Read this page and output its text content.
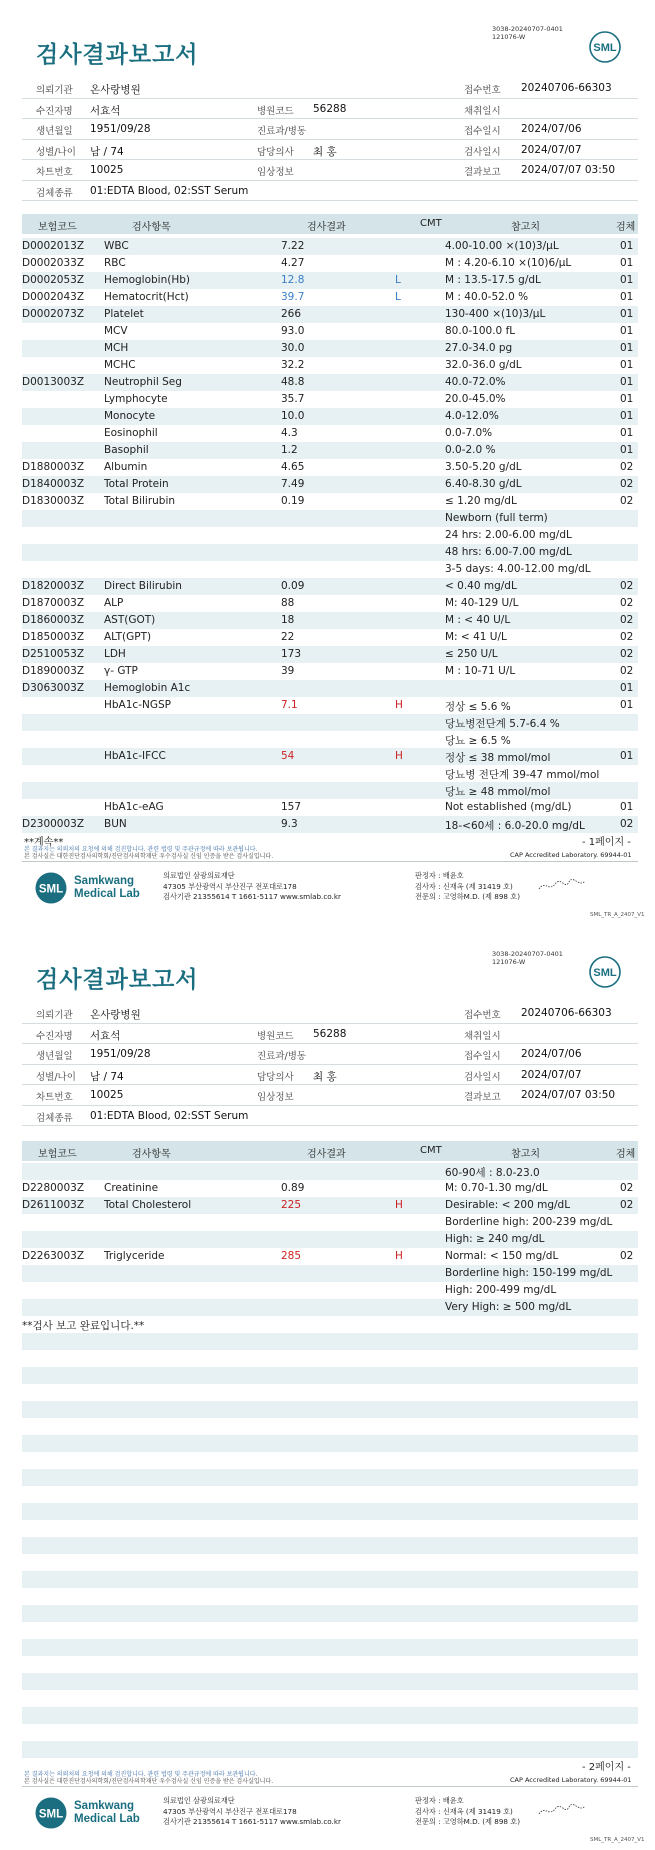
3038-20240707-0401
121076-W
검사결과보고서	SML
의뢰기관 온사랑병원	접수번호 20240706-66303
수진자명 서효석	병원코드 56288	채취일시
생년월일 1951/09/28	진료과/병동	접수일시 2024/07/06
성별/나이 남 / 74	담당의사 최 홍	검사일시 2024/07/07
차트번호 10025	임상정보	결과보고 2024/07/07 03:50
검체종류 01:EDTA Blood, 02:SST Serum
보험코드	검사항목	검사결과	CMT	참고치	검체
D0002013Z WBC	7.22	4.00-10.00 ×(10)3/μL	01
D0002033Z RBC	4.27	M : 4.20-6.10 ×(10)6/μL	01
D0002053Z Hemoglobin(Hb)	12.8	L	M : 13.5-17.5 g/dL	01
D0002043Z Hematocrit(Hct)	39.7	L	M : 40.0-52.0 %	01
D0002073Z Platelet	266	130-400 ×(10)3/μL	01
MCV	93.0	80.0-100.0 fL	01
MCH	30.0	27.0-34.0 pg	01
MCHC	32.2	32.0-36.0 g/dL	01
D0013003Z Neutrophil Seg	48.8	40.0-72.0%	01
Lymphocyte	35.7	20.0-45.0%	01
Monocyte	10.0	4.0-12.0%	01
Eosinophil	4.3	0.0-7.0%	01
Basophil	1.2	0.0-2.0 %	01
D1880003Z Albumin	4.65	3.50-5.20 g/dL	02
D1840003Z Total Protein	7.49	6.40-8.30 g/dL	02
D1830003Z Total Bilirubin	0.19	≤ 1.20 mg/dL	02
Newborn (full term)
24 hrs: 2.00-6.00 mg/dL
48 hrs: 6.00-7.00 mg/dL
3-5 days: 4.00-12.00 mg/dL
D1820003Z Direct Bilirubin	0.09	< 0.40 mg/dL	02
D1870003Z ALP	88	M: 40-129 U/L	02
D1860003Z AST(GOT)	18	M : < 40 U/L	02
D1850003Z ALT(GPT)	22	M: < 41 U/L	02
D2510053Z LDH	173	≤ 250 U/L	02
D1890003Z γ- GTP	39	M : 10-71 U/L	02
D3063003Z Hemoglobin A1c	01
HbA1c-NGSP	7.1	H	정상 ≤ 5.6 %	01
당뇨병전단계 5.7-6.4 %
당뇨 ≥ 6.5 %
HbA1c-IFCC	54	H	정상 ≤ 38 mmol/mol	01
당뇨병 전단계 39-47 mmol/mol
당뇨 ≥ 48 mmol/mol
HbA1c-eAG	157	Not established (mg/dL)	01
D2300003Z BUN	9.3	18-<60세 : 6.0-20.0 mg/dL	02
**계속**	- 1페이지 -
본 결과지는 의뢰처의 요청에 의해 검진합니다. 관련 법령 및 주관규정에 따라 보관됩니다.
본 검사실은 대한진단검사의학회/진단검사의학재단 우수검사실 신임 인증을 받은 검사실입니다.	CAP Accredited Laboratory. 69944-01
SML
Samkwang
Medical Lab
의료법인 삼광의료재단
47305 부산광역시 부산진구 전포대로178
검사기관 21355614 T 1661-5117 www.smlab.co.kr
판정자 : 배윤호
검사자 : 신재옥 (제 31419 호)
전문의 : 고영하M.D. (제 898 호)
SML_TR_A_2407_V1
3038-20240707-0401
121076-W
검사결과보고서	SML
의뢰기관 온사랑병원	접수번호 20240706-66303
수진자명 서효석	병원코드 56288	채취일시
생년월일 1951/09/28	진료과/병동	접수일시 2024/07/06
성별/나이 남 / 74	담당의사 최 홍	검사일시 2024/07/07
차트번호 10025	임상정보	결과보고 2024/07/07 03:50
검체종류 01:EDTA Blood, 02:SST Serum
보험코드	검사항목	검사결과	CMT	참고치	검체
60-90세 : 8.0-23.0
D2280003Z Creatinine	0.89	M: 0.70-1.30 mg/dL	02
D2611003Z Total Cholesterol	225	H	Desirable: < 200 mg/dL	02
Borderline high: 200-239 mg/dL
High: ≥ 240 mg/dL
D2263003Z Triglyceride	285	H	Normal: < 150 mg/dL	02
Borderline high: 150-199 mg/dL
High: 200-499 mg/dL
Very High: ≥ 500 mg/dL
**검사 보고 완료입니다.**
- 2페이지 -
본 결과지는 의뢰처의 요청에 의해 검진합니다. 관련 법령 및 주관규정에 따라 보관됩니다.
본 검사실은 대한진단검사의학회/진단검사의학재단 우수검사실 신임 인증을 받은 검사실입니다.	CAP Accredited Laboratory. 69944-01
SML
Samkwang
Medical Lab
의료법인 삼광의료재단
47305 부산광역시 부산진구 전포대로178
검사기관 21355614 T 1661-5117 www.smlab.co.kr
판정자 : 배윤호
검사자 : 신재옥 (제 31419 호)
전문의 : 고영하M.D. (제 898 호)
SML_TR_A_2407_V1
